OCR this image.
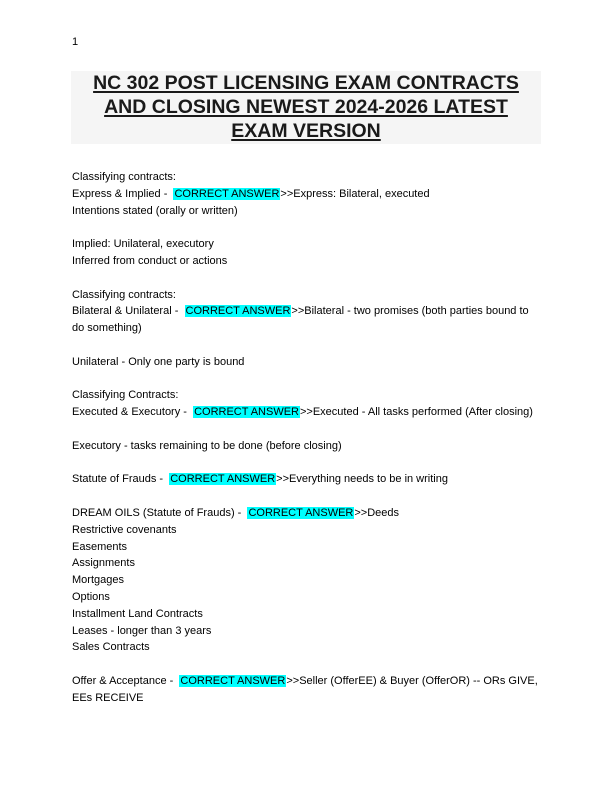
1
NC 302 POST LICENSING EXAM CONTRACTS
AND CLOSING NEWEST 2024-2026 LATEST
EXAM VERSION
Classifying contracts:
Express & Implied -  CORRECT ANSWER>>Express: Bilateral, executed
Intentions stated (orally or written)
Implied: Unilateral, executory
Inferred from conduct or actions
Classifying contracts:
Bilateral & Unilateral -  CORRECT ANSWER>>Bilateral - two promises (both parties bound to do something)
Unilateral - Only one party is bound
Classifying Contracts:
Executed & Executory -  CORRECT ANSWER>>Executed - All tasks performed (After closing)
Executory - tasks remaining to be done (before closing)
Statute of Frauds -  CORRECT ANSWER>>Everything needs to be in writing
DREAM OILS (Statute of Frauds) -  CORRECT ANSWER>>Deeds
Restrictive covenants
Easements
Assignments
Mortgages
Options
Installment Land Contracts
Leases - longer than 3 years
Sales Contracts
Offer & Acceptance -  CORRECT ANSWER>>Seller (OfferEE) & Buyer (OfferOR) -- ORs GIVE, EEs RECEIVE
